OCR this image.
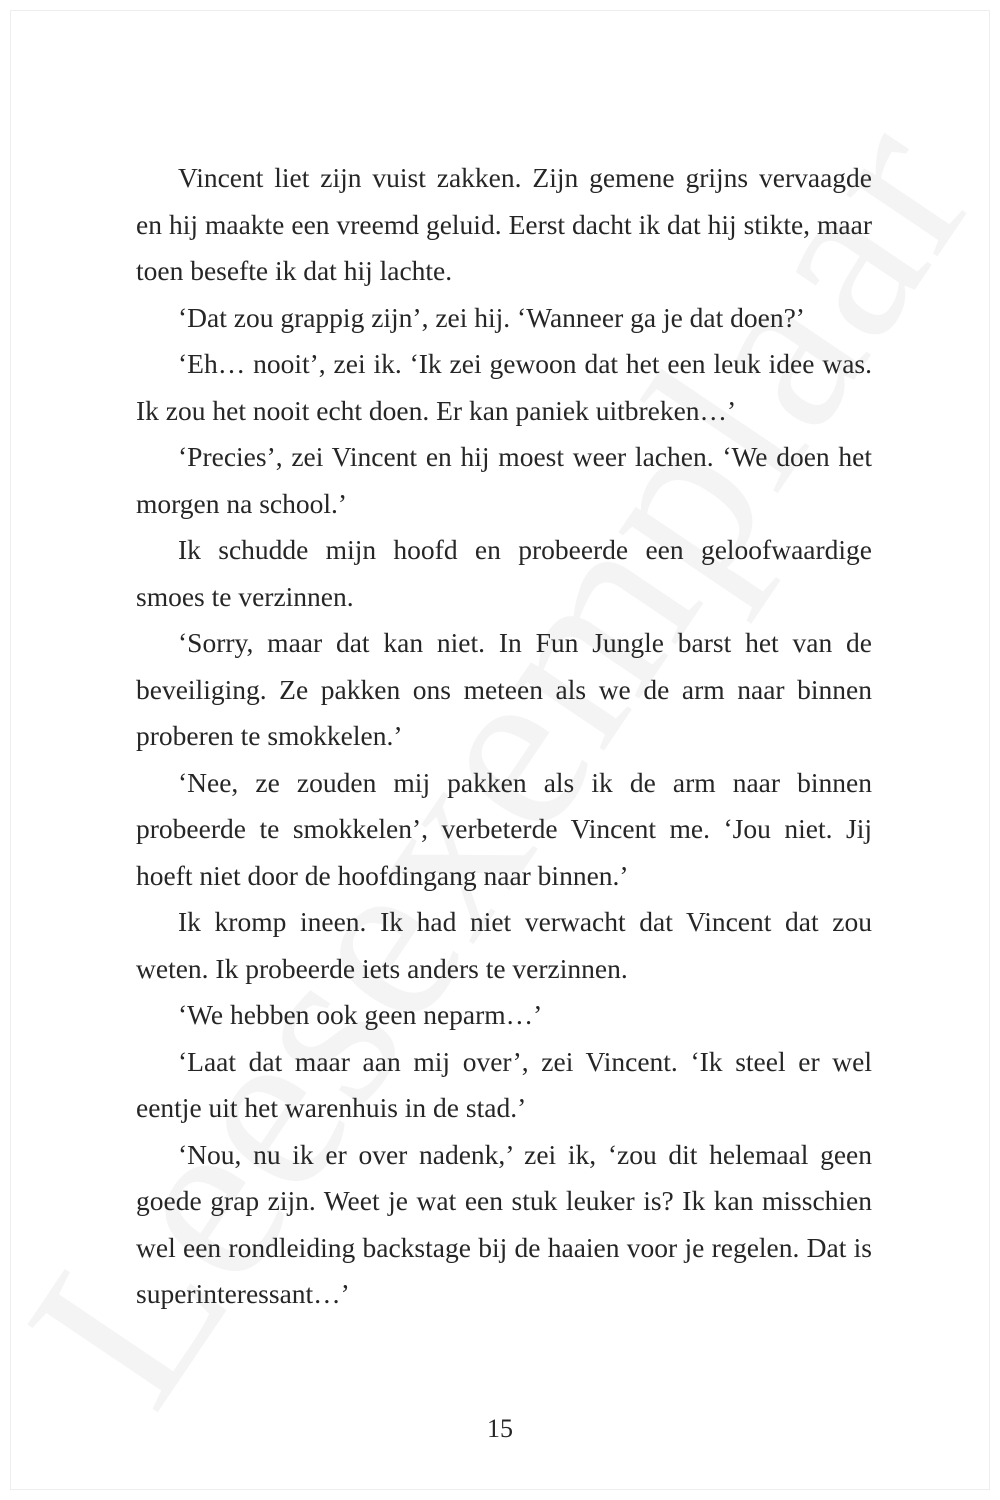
Vincent liet zijn vuist zakken. Zijn gemene grijns vervaagde en hij maakte een vreemd geluid. Eerst dacht ik dat hij stikte, maar toen besefte ik dat hij lachte.

‘Dat zou grappig zijn’, zei hij. ‘Wanneer ga je dat doen?’

‘Eh… nooit’, zei ik. ‘Ik zei gewoon dat het een leuk idee was. Ik zou het nooit echt doen. Er kan paniek uitbreken…’

‘Precies’, zei Vincent en hij moest weer lachen. ‘We doen het morgen na school.’

Ik schudde mijn hoofd en probeerde een geloofwaardige smoes te verzinnen.

‘Sorry, maar dat kan niet. In Fun Jungle barst het van de beveiliging. Ze pakken ons meteen als we de arm naar binnen proberen te smokkelen.’

‘Nee, ze zouden mij pakken als ik de arm naar binnen probeerde te smokkelen’, verbeterde Vincent me. ‘Jou niet. Jij hoeft niet door de hoofdingang naar binnen.’

Ik kromp ineen. Ik had niet verwacht dat Vincent dat zou weten. Ik probeerde iets anders te verzinnen.

‘We hebben ook geen neparm…’

‘Laat dat maar aan mij over’, zei Vincent. ‘Ik steel er wel eentje uit het warenhuis in de stad.’

‘Nou, nu ik er over nadenk,’ zei ik, ‘zou dit helemaal geen goede grap zijn. Weet je wat een stuk leuker is? Ik kan misschien wel een rondleiding backstage bij de haaien voor je regelen. Dat is superinteressant…’

15
